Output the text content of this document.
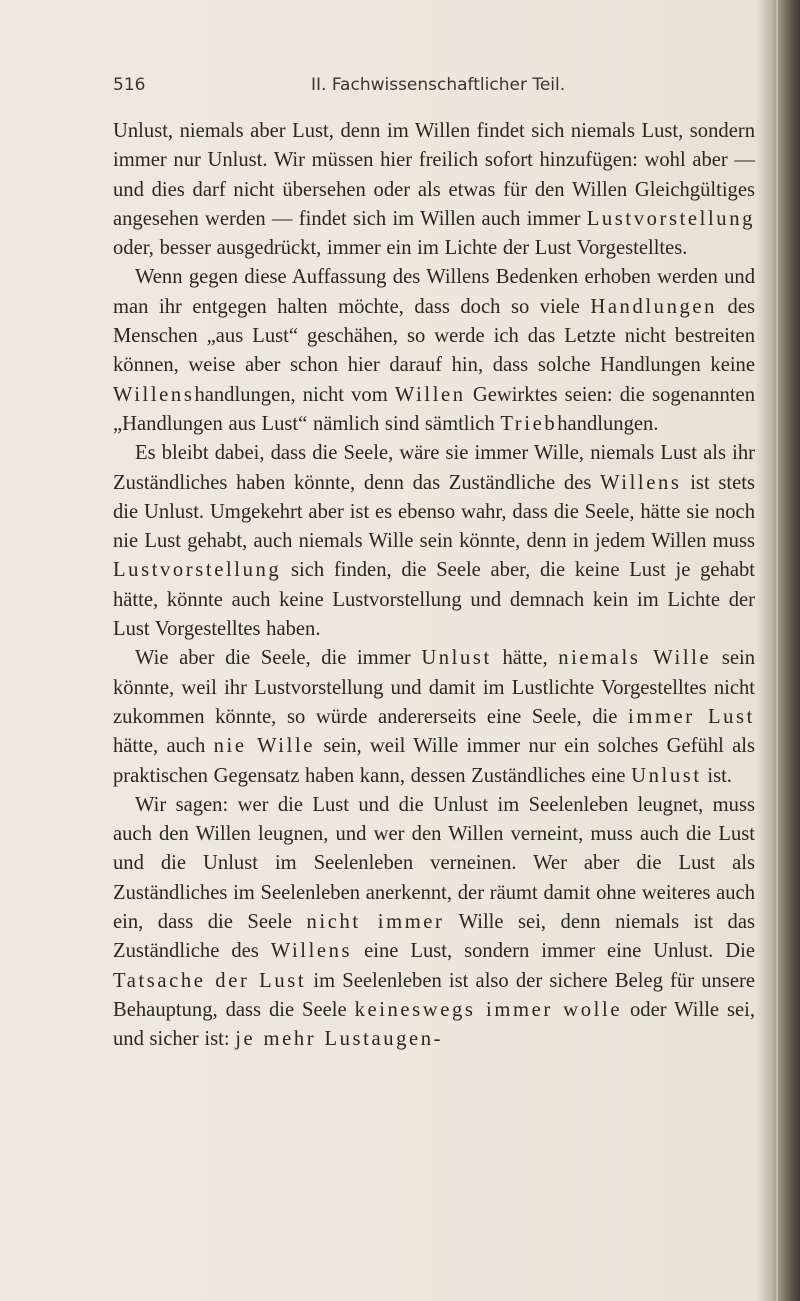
516	II. Fachwissenschaftlicher Teil.

Unlust, niemals aber Lust, denn im Willen findet sich niemals Lust, sondern immer nur Unlust. Wir müssen hier freilich sofort hinzufügen: wohl aber — und dies darf nicht übersehen oder als etwas für den Willen Gleichgültiges angesehen werden — findet sich im Willen auch immer Lustvorstellung oder, besser ausgedrückt, immer ein im Lichte der Lust Vorgestelltes.

Wenn gegen diese Auffassung des Willens Bedenken erhoben werden und man ihr entgegen halten möchte, dass doch so viele Handlungen des Menschen „aus Lust“ geschähen, so werde ich das Letzte nicht bestreiten können, weise aber schon hier darauf hin, dass solche Handlungen keine Willenshandlungen, nicht vom Willen Gewirktes seien: die sogenannten „Handlungen aus Lust“ nämlich sind sämtlich Triebhandlungen.

Es bleibt dabei, dass die Seele, wäre sie immer Wille, niemals Lust als ihr Zuständliches haben könnte, denn das Zuständliche des Willens ist stets die Unlust. Umgekehrt aber ist es ebenso wahr, dass die Seele, hätte sie noch nie Lust gehabt, auch niemals Wille sein könnte, denn in jedem Willen muss Lustvorstellung sich finden, die Seele aber, die keine Lust je gehabt hätte, könnte auch keine Lustvorstellung und demnach kein im Lichte der Lust Vorgestelltes haben.

Wie aber die Seele, die immer Unlust hätte, niemals Wille sein könnte, weil ihr Lustvorstellung und damit im Lustlichte Vorgestelltes nicht zukommen könnte, so würde andererseits eine Seele, die immer Lust hätte, auch nie Wille sein, weil Wille immer nur ein solches Gefühl als praktischen Gegensatz haben kann, dessen Zuständliches eine Unlust ist.

Wir sagen: wer die Lust und die Unlust im Seelenleben leugnet, muss auch den Willen leugnen, und wer den Willen verneint, muss auch die Lust und die Unlust im Seelenleben verneinen. Wer aber die Lust als Zuständliches im Seelenleben anerkennt, der räumt damit ohne weiteres auch ein, dass die Seele nicht immer Wille sei, denn niemals ist das Zuständliche des Willens eine Lust, sondern immer eine Unlust. Die Tatsache der Lust im Seelenleben ist also der sichere Beleg für unsere Behauptung, dass die Seele keineswegs immer wolle oder Wille sei, und sicher ist: je mehr Lustaugen-
